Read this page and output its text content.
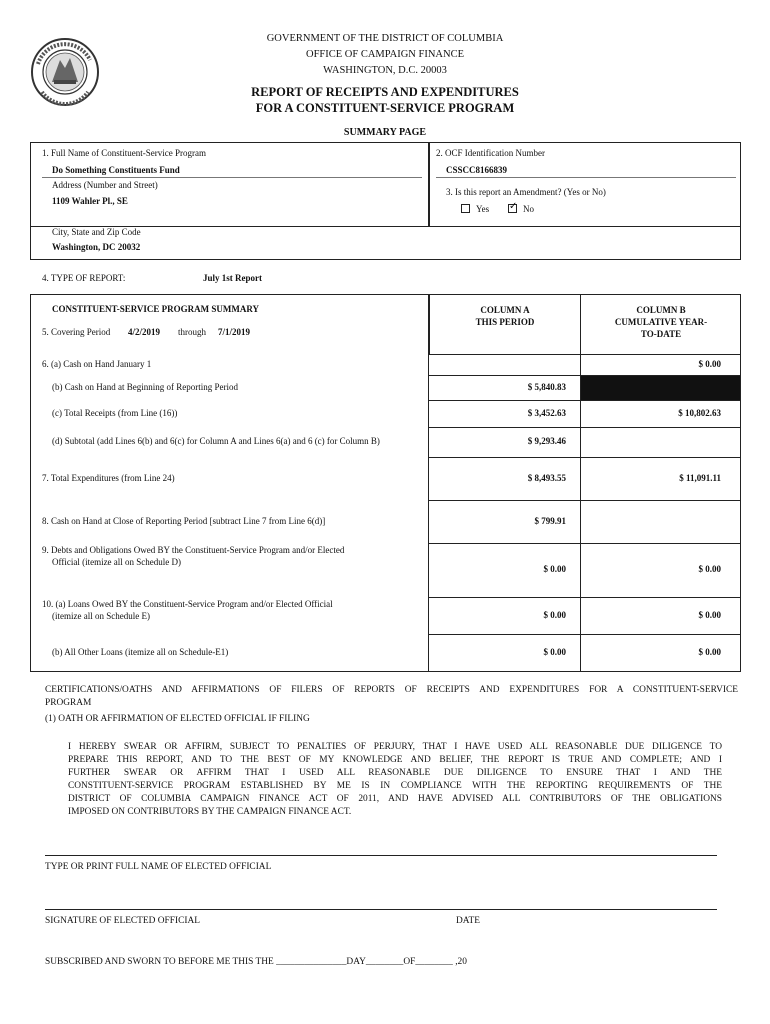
GOVERNMENT OF THE DISTRICT OF COLUMBIA
OFFICE OF CAMPAIGN FINANCE
WASHINGTON, D.C. 20003
REPORT OF RECEIPTS AND EXPENDITURES
FOR A CONSTITUENT-SERVICE PROGRAM
SUMMARY PAGE
1. Full Name of Constituent-Service Program
Do Something Constituents Fund
Address (Number and Street)
1109 Wahler Pl., SE
2. OCF Identification Number
CSSCC8166839
3. Is this report an Amendment? (Yes or No)
Yes
✓	No
City, State and Zip Code
Washington, DC 20032
4. TYPE OF REPORT:	July 1st Report
CONSTITUENT-SERVICE PROGRAM SUMMARY
5. Covering Period 4/2/2019 through 7/1/2019
COLUMN A
THIS PERIOD
COLUMN B
CUMULATIVE YEAR-
TO-DATE
6. (a) Cash on Hand January 1	$ 0.00
(b) Cash on Hand at Beginning of Reporting Period	$ 5,840.83
(c) Total Receipts (from Line (16))	$ 3,452.63	$ 10,802.63
(d) Subtotal (add Lines 6(b) and 6(c) for Column A and Lines 6(a) and 6 (c) for Column B)	$ 9,293.46
7. Total Expenditures (from Line 24)	$ 8,493.55	$ 11,091.11
8. Cash on Hand at Close of Reporting Period [subtract Line 7 from Line 6(d)]	$ 799.91
9. Debts and Obligations Owed BY the Constituent-Service Program and/or Elected
Official (itemize all on Schedule D)
$ 0.00	$ 0.00
10. (a) Loans Owed BY the Constituent-Service Program and/or Elected Official
(itemize all on Schedule E)	$ 0.00	$ 0.00
(b) All Other Loans (itemize all on Schedule-E1)	$ 0.00	$ 0.00
CERTIFICATIONS/OATHS AND AFFIRMATIONS OF FILERS OF REPORTS OF RECEIPTS AND EXPENDITURES FOR A CONSTITUENT-SERVICE
PROGRAM
(1) OATH OR AFFIRMATION OF ELECTED OFFICIAL IF FILING
I HEREBY SWEAR OR AFFIRM, SUBJECT TO PENALTIES OF PERJURY, THAT I HAVE USED ALL REASONABLE DUE DILIGENCE TO
PREPARE THIS REPORT, AND TO THE BEST OF MY KNOWLEDGE AND BELIEF, THE REPORT IS TRUE AND COMPLETE; AND I
FURTHER SWEAR OR AFFIRM THAT I USED ALL REASONABLE DUE DILIGENCE TO ENSURE THAT I AND THE
CONSTITUENT-SERVICE PROGRAM ESTABLISHED BY ME IS IN COMPLIANCE WITH THE REPORTING REQUIREMENTS OF THE
DISTRICT OF COLUMBIA CAMPAIGN FINANCE ACT OF 2011, AND HAVE ADVISED ALL CONTRIBUTORS OF THE OBLIGATIONS
IMPOSED ON CONTRIBUTORS BY THE CAMPAIGN FINANCE ACT.
TYPE OR PRINT FULL NAME OF ELECTED OFFICIAL
SIGNATURE OF ELECTED OFFICIAL	DATE
SUBSCRIBED AND SWORN TO BEFORE ME THIS THE _______________DAY________OF________ ,20
